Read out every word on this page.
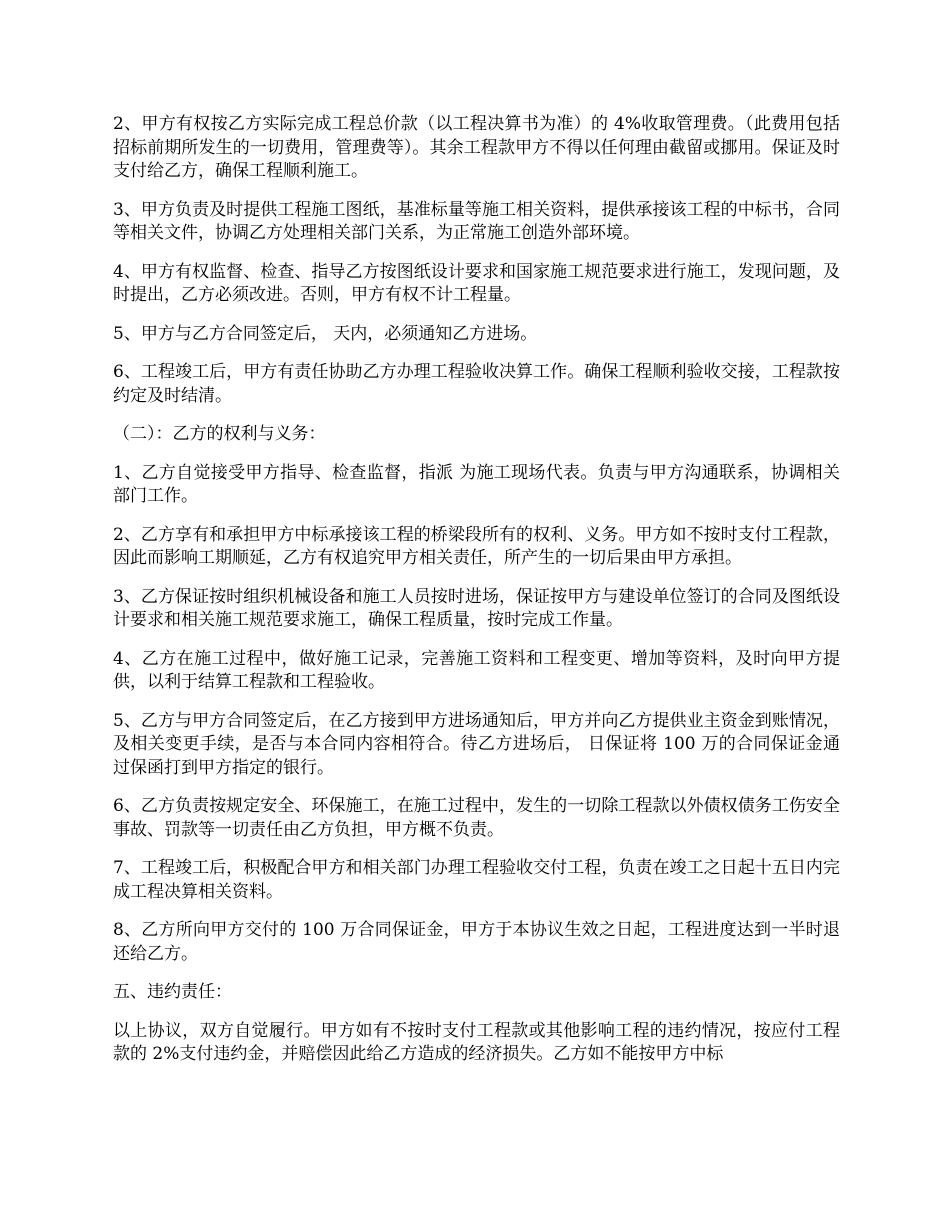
2、甲方有权按乙方实际完成工程总价款（以工程决算书为准）的 4%收取管理费。（此费用包括招标前期所发生的一切费用，管理费等）。其余工程款甲方不得以任何理由截留或挪用。保证及时支付给乙方，确保工程顺利施工。

3、甲方负责及时提供工程施工图纸，基准标量等施工相关资料，提供承接该工程的中标书，合同等相关文件，协调乙方处理相关部门关系，为正常施工创造外部环境。

4、甲方有权监督、检查、指导乙方按图纸设计要求和国家施工规范要求进行施工，发现问题，及时提出，乙方必须改进。否则，甲方有权不计工程量。

5、甲方与乙方合同签定后， 天内，必须通知乙方进场。

6、工程竣工后，甲方有责任协助乙方办理工程验收决算工作。确保工程顺利验收交接，工程款按约定及时结清。

（二）：乙方的权利与义务：

1、乙方自觉接受甲方指导、检查监督，指派 为施工现场代表。负责与甲方沟通联系，协调相关部门工作。

2、乙方享有和承担甲方中标承接该工程的桥梁段所有的权利、义务。甲方如不按时支付工程款，因此而影响工期顺延，乙方有权追究甲方相关责任，所产生的一切后果由甲方承担。

3、乙方保证按时组织机械设备和施工人员按时进场，保证按甲方与建设单位签订的合同及图纸设计要求和相关施工规范要求施工，确保工程质量，按时完成工作量。

4、乙方在施工过程中，做好施工记录，完善施工资料和工程变更、增加等资料，及时向甲方提供，以利于结算工程款和工程验收。

5、乙方与甲方合同签定后，在乙方接到甲方进场通知后，甲方并向乙方提供业主资金到账情况，及相关变更手续，是否与本合同内容相符合。待乙方进场后， 日保证将 100 万的合同保证金通过保函打到甲方指定的银行。

6、乙方负责按规定安全、环保施工，在施工过程中，发生的一切除工程款以外债权债务工伤安全事故、罚款等一切责任由乙方负担，甲方概不负责。

7、工程竣工后，积极配合甲方和相关部门办理工程验收交付工程，负责在竣工之日起十五日内完成工程决算相关资料。

8、乙方所向甲方交付的 100 万合同保证金，甲方于本协议生效之日起，工程进度达到一半时退还给乙方。

五、违约责任：

以上协议，双方自觉履行。甲方如有不按时支付工程款或其他影响工程的违约情况，按应付工程款的 2%支付违约金，并赔偿因此给乙方造成的经济损失。乙方如不能按甲方中标
